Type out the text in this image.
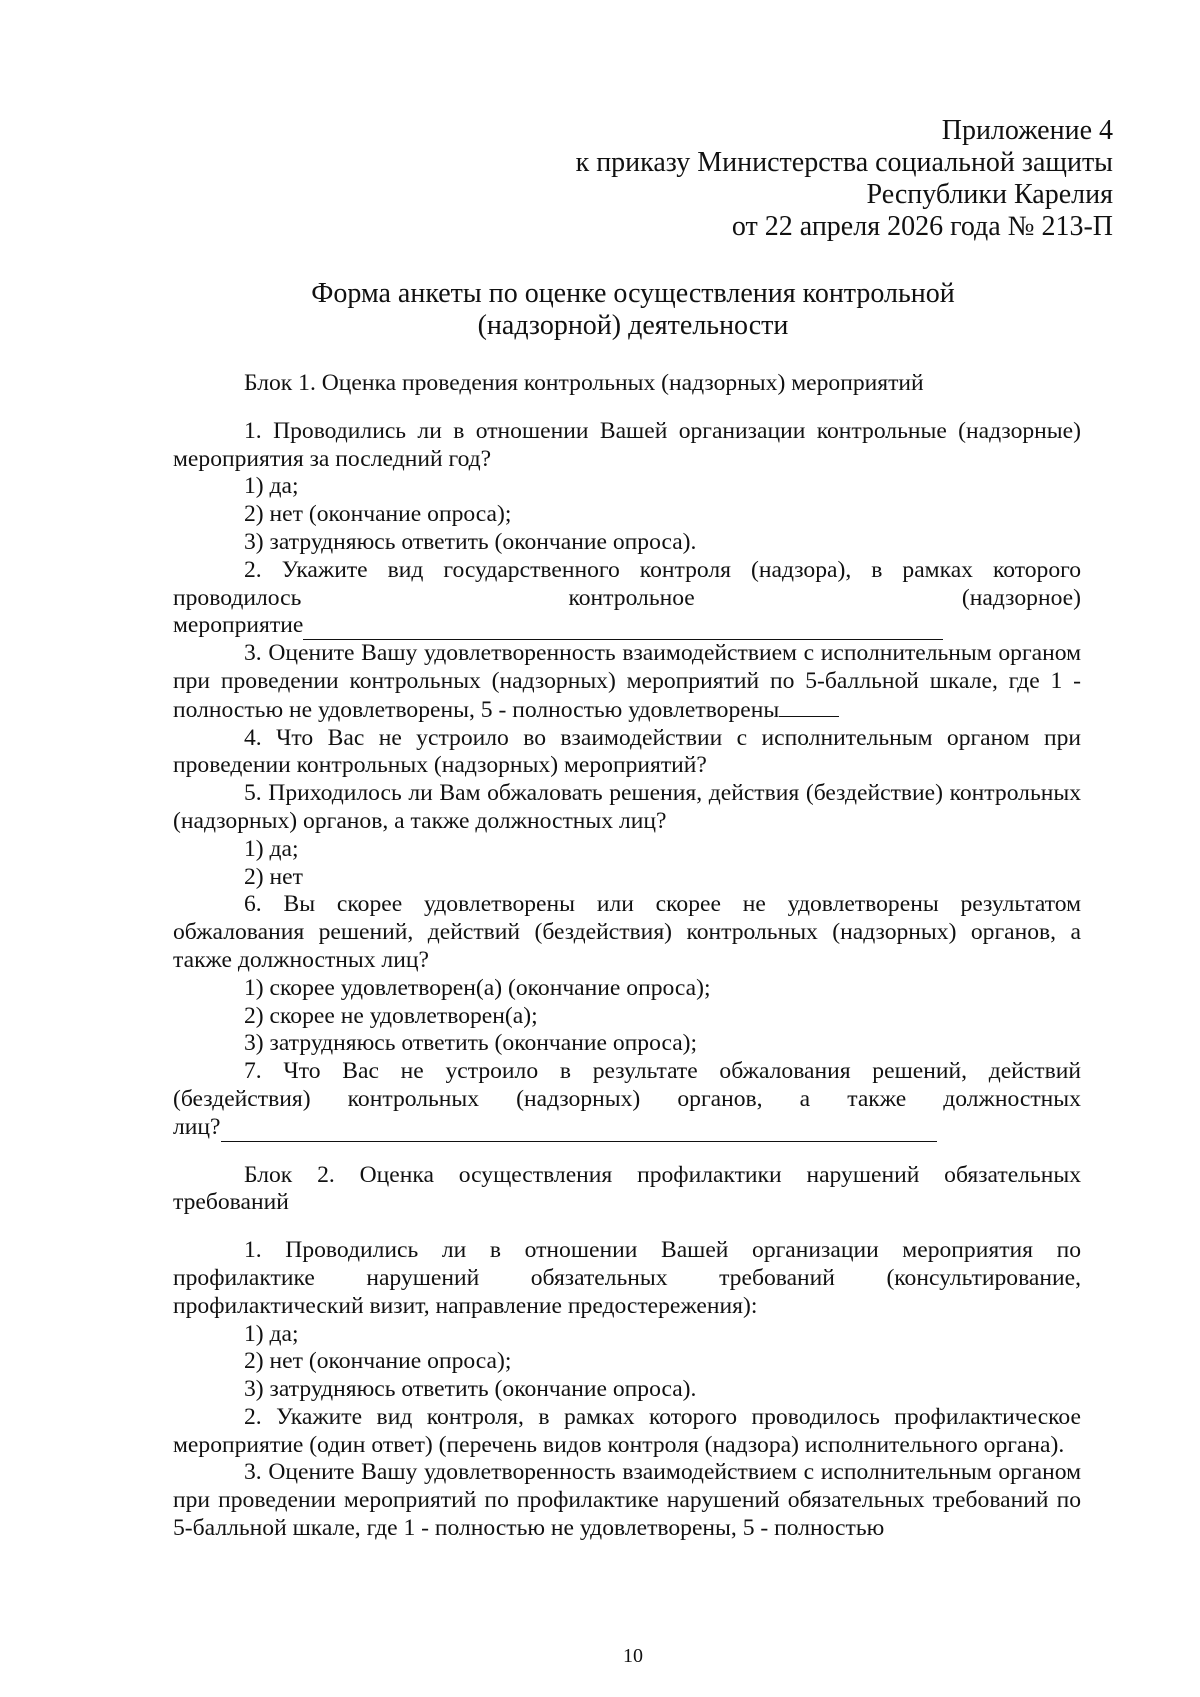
Приложение 4
к приказу Министерства социальной защиты
Республики Карелия
от 22 апреля 2026 года № 213-П
Форма анкеты по оценке осуществления контрольной
(надзорной) деятельности

Блок 1. Оценка проведения контрольных (надзорных) мероприятий

1. Проводились ли в отношении Вашей организации контрольные (надзорные) мероприятия за последний год?

1) да;

2) нет (окончание опроса);

3) затрудняюсь ответить (окончание опроса).

2. Укажите вид государственного контроля (надзора), в рамках которого

проводилось	контрольное	(надзорное)

мероприятие

3. Оцените Вашу удовлетворенность взаимодействием с исполнительным органом при проведении контрольных (надзорных) мероприятий по 5-балльной шкале, где 1 - полностью не удовлетворены, 5 - полностью удовлетворены

4. Что Вас не устроило во взаимодействии с исполнительным органом при проведении контрольных (надзорных) мероприятий?

5. Приходилось ли Вам обжаловать решения, действия (бездействие) контрольных (надзорных) органов, а также должностных лиц?

1) да;

2) нет

6. Вы скорее удовлетворены или скорее не удовлетворены результатом обжалования решений, действий (бездействия) контрольных (надзорных) органов, а также должностных лиц?

1) скорее удовлетворен(а) (окончание опроса);

2) скорее не удовлетворен(а);

3) затрудняюсь ответить (окончание опроса);

7. Что Вас не устроило в результате обжалования решений, действий

(бездействия) контрольных (надзорных) органов, а также должностных

лиц?

Блок 2. Оценка осуществления профилактики нарушений обязательных требований

1. Проводились ли в отношении Вашей организации мероприятия по

профилактике нарушений обязательных требований (консультирование,

профилактический визит, направление предостережения):

1) да;

2) нет (окончание опроса);

3) затрудняюсь ответить (окончание опроса).

2. Укажите вид контроля, в рамках которого проводилось профилактическое мероприятие (один ответ) (перечень видов контроля (надзора) исполнительного органа).

3. Оцените Вашу удовлетворенность взаимодействием с исполнительным органом при проведении мероприятий по профилактике нарушений обязательных требований по 5-балльной шкале, где 1 - полностью не удовлетворены, 5 - полностью

10
